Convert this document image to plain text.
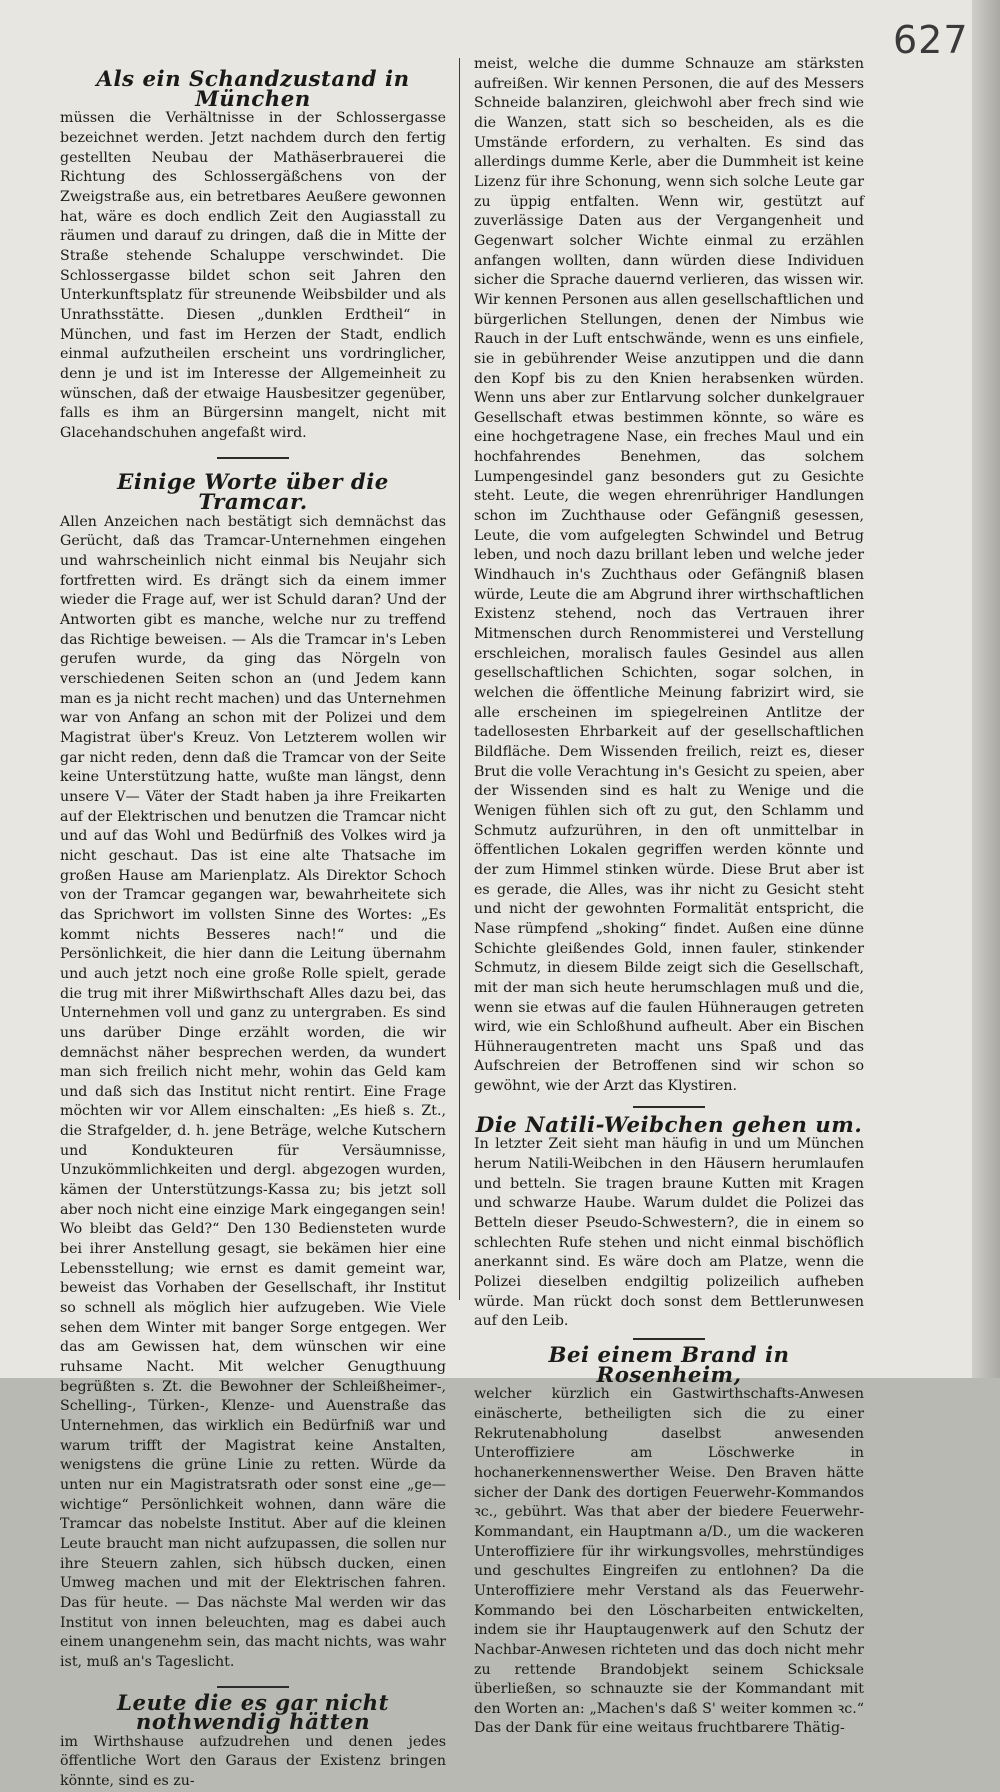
627
Als ein Schandzustand in München

müssen die Verhältnisse in der Schlossergasse bezeichnet werden. Jetzt nachdem durch den fertig gestellten Neubau der Mathäserbrauerei die Richtung des Schlossergäßchens von der Zweigstraße aus, ein betretbares Aeußere gewonnen hat, wäre es doch endlich Zeit den Augiasstall zu räumen und darauf zu dringen, daß die in Mitte der Straße stehende Schaluppe verschwindet. Die Schlossergasse bildet schon seit Jahren den Unterkunftsplatz für streunende Weibsbilder und als Unrathsstätte. Diesen „dunklen Erdtheil“ in München, und fast im Herzen der Stadt, endlich einmal aufzutheilen erscheint uns vordringlicher, denn je und ist im Interesse der Allgemeinheit zu wünschen, daß der etwaige Hausbesitzer gegenüber, falls es ihm an Bürgersinn mangelt, nicht mit Glacehandschuhen angefaßt wird.

Einige Worte über die Tramcar.

Allen Anzeichen nach bestätigt sich demnächst das Gerücht, daß das Tramcar-Unternehmen eingehen und wahrscheinlich nicht einmal bis Neujahr sich fortfretten wird. Es drängt sich da einem immer wieder die Frage auf, wer ist Schuld daran? Und der Antworten gibt es manche, welche nur zu treffend das Richtige beweisen. — Als die Tramcar in's Leben gerufen wurde, da ging das Nörgeln von verschiedenen Seiten schon an (und Jedem kann man es ja nicht recht machen) und das Unternehmen war von Anfang an schon mit der Polizei und dem Magistrat über's Kreuz. Von Letzterem wollen wir gar nicht reden, denn daß die Tramcar von der Seite keine Unterstützung hatte, wußte man längst, denn unsere V— Väter der Stadt haben ja ihre Freikarten auf der Elektrischen und benutzen die Tramcar nicht und auf das Wohl und Bedürfniß des Volkes wird ja nicht geschaut. Das ist eine alte Thatsache im großen Hause am Marienplatz. Als Direktor Schoch von der Tramcar gegangen war, bewahrheitete sich das Sprichwort im vollsten Sinne des Wortes: „Es kommt nichts Besseres nach!“ und die Persönlichkeit, die hier dann die Leitung übernahm und auch jetzt noch eine große Rolle spielt, gerade die trug mit ihrer Mißwirthschaft Alles dazu bei, das Unternehmen voll und ganz zu untergraben. Es sind uns darüber Dinge erzählt worden, die wir demnächst näher besprechen werden, da wundert man sich freilich nicht mehr, wohin das Geld kam und daß sich das Institut nicht rentirt. Eine Frage möchten wir vor Allem einschalten: „Es hieß s. Zt., die Strafgelder, d. h. jene Beträge, welche Kutschern und Kondukteuren für Versäumnisse, Unzukömmlichkeiten und dergl. abgezogen wurden, kämen der Unterstützungs-Kassa zu; bis jetzt soll aber noch nicht eine einzige Mark eingegangen sein! Wo bleibt das Geld?“ Den 130 Bediensteten wurde bei ihrer Anstellung gesagt, sie bekämen hier eine Lebensstellung; wie ernst es damit gemeint war, beweist das Vorhaben der Gesellschaft, ihr Institut so schnell als möglich hier aufzugeben. Wie Viele sehen dem Winter mit banger Sorge entgegen. Wer das am Gewissen hat, dem wünschen wir eine ruhsame Nacht. Mit welcher Genugthuung begrüßten s. Zt. die Bewohner der Schleißheimer-, Schelling-, Türken-, Klenze- und Auenstraße das Unternehmen, das wirklich ein Bedürfniß war und warum trifft der Magistrat keine Anstalten, wenigstens die grüne Linie zu retten. Würde da unten nur ein Magistratsrath oder sonst eine „ge—wichtige“ Persönlichkeit wohnen, dann wäre die Tramcar das nobelste Institut. Aber auf die kleinen Leute braucht man nicht aufzupassen, die sollen nur ihre Steuern zahlen, sich hübsch ducken, einen Umweg machen und mit der Elektrischen fahren. Das für heute. — Das nächste Mal werden wir das Institut von innen beleuchten, mag es dabei auch einem unangenehm sein, das macht nichts, was wahr ist, muß an's Tageslicht.

Leute die es gar nicht nothwendig hätten

im Wirthshause aufzudrehen und denen jedes öffentliche Wort den Garaus der Existenz bringen könnte, sind es zu-

meist, welche die dumme Schnauze am stärksten aufreißen. Wir kennen Personen, die auf des Messers Schneide balanziren, gleichwohl aber frech sind wie die Wanzen, statt sich so bescheiden, als es die Umstände erfordern, zu verhalten. Es sind das allerdings dumme Kerle, aber die Dummheit ist keine Lizenz für ihre Schonung, wenn sich solche Leute gar zu üppig entfalten. Wenn wir, gestützt auf zuverlässige Daten aus der Vergangenheit und Gegenwart solcher Wichte einmal zu erzählen anfangen wollten, dann würden diese Individuen sicher die Sprache dauernd verlieren, das wissen wir. Wir kennen Personen aus allen gesellschaftlichen und bürgerlichen Stellungen, denen der Nimbus wie Rauch in der Luft entschwände, wenn es uns einfiele, sie in gebührender Weise anzutippen und die dann den Kopf bis zu den Knien herabsenken würden. Wenn uns aber zur Entlarvung solcher dunkelgrauer Gesellschaft etwas bestimmen könnte, so wäre es eine hochgetragene Nase, ein freches Maul und ein hochfahrendes Benehmen, das solchem Lumpengesindel ganz besonders gut zu Gesichte steht. Leute, die wegen ehrenrühriger Handlungen schon im Zuchthause oder Gefängniß gesessen, Leute, die vom aufgelegten Schwindel und Betrug leben, und noch dazu brillant leben und welche jeder Windhauch in's Zuchthaus oder Gefängniß blasen würde, Leute die am Abgrund ihrer wirthschaftlichen Existenz stehend, noch das Vertrauen ihrer Mitmenschen durch Renommisterei und Verstellung erschleichen, moralisch faules Gesindel aus allen gesellschaftlichen Schichten, sogar solchen, in welchen die öffentliche Meinung fabrizirt wird, sie alle erscheinen im spiegelreinen Antlitze der tadellosesten Ehrbarkeit auf der gesellschaftlichen Bildfläche. Dem Wissenden freilich, reizt es, dieser Brut die volle Verachtung in's Gesicht zu speien, aber der Wissenden sind es halt zu Wenige und die Wenigen fühlen sich oft zu gut, den Schlamm und Schmutz aufzurühren, in den oft unmittelbar in öffentlichen Lokalen gegriffen werden könnte und der zum Himmel stinken würde. Diese Brut aber ist es gerade, die Alles, was ihr nicht zu Gesicht steht und nicht der gewohnten Formalität entspricht, die Nase rümpfend „shoking“ findet. Außen eine dünne Schichte gleißendes Gold, innen fauler, stinkender Schmutz, in diesem Bilde zeigt sich die Gesellschaft, mit der man sich heute herumschlagen muß und die, wenn sie etwas auf die faulen Hühneraugen getreten wird, wie ein Schloßhund aufheult. Aber ein Bischen Hühneraugentreten macht uns Spaß und das Aufschreien der Betroffenen sind wir schon so gewöhnt, wie der Arzt das Klystiren.

Die Natili-Weibchen gehen um.

In letzter Zeit sieht man häufig in und um München herum Natili-Weibchen in den Häusern herumlaufen und betteln. Sie tragen braune Kutten mit Kragen und schwarze Haube. Warum duldet die Polizei das Betteln dieser Pseudo-Schwestern?, die in einem so schlechten Rufe stehen und nicht einmal bischöflich anerkannt sind. Es wäre doch am Platze, wenn die Polizei dieselben endgiltig polizeilich aufheben würde. Man rückt doch sonst dem Bettlerunwesen auf den Leib.

Bei einem Brand in Rosenheim,

welcher kürzlich ein Gastwirthschafts-Anwesen einäscherte, betheiligten sich die zu einer Rekrutenabholung daselbst anwesenden Unteroffiziere am Löschwerke in hochanerkennenswerther Weise. Den Braven hätte sicher der Dank des dortigen Feuerwehr-Kommandos ꝛc., gebührt. Was that aber der biedere Feuerwehr-Kommandant, ein Hauptmann a/D., um die wackeren Unteroffiziere für ihr wirkungsvolles, mehrstündiges und geschultes Eingreifen zu entlohnen? Da die Unteroffiziere mehr Verstand als das Feuerwehr-Kommando bei den Löscharbeiten entwickelten, indem sie ihr Hauptaugenwerk auf den Schutz der Nachbar-Anwesen richteten und das doch nicht mehr zu rettende Brandobjekt seinem Schicksale überließen, so schnauzte sie der Kommandant mit den Worten an: „Machen's daß S' weiter kommen ꝛc.“ Das der Dank für eine weitaus fruchtbarere Thätig-
